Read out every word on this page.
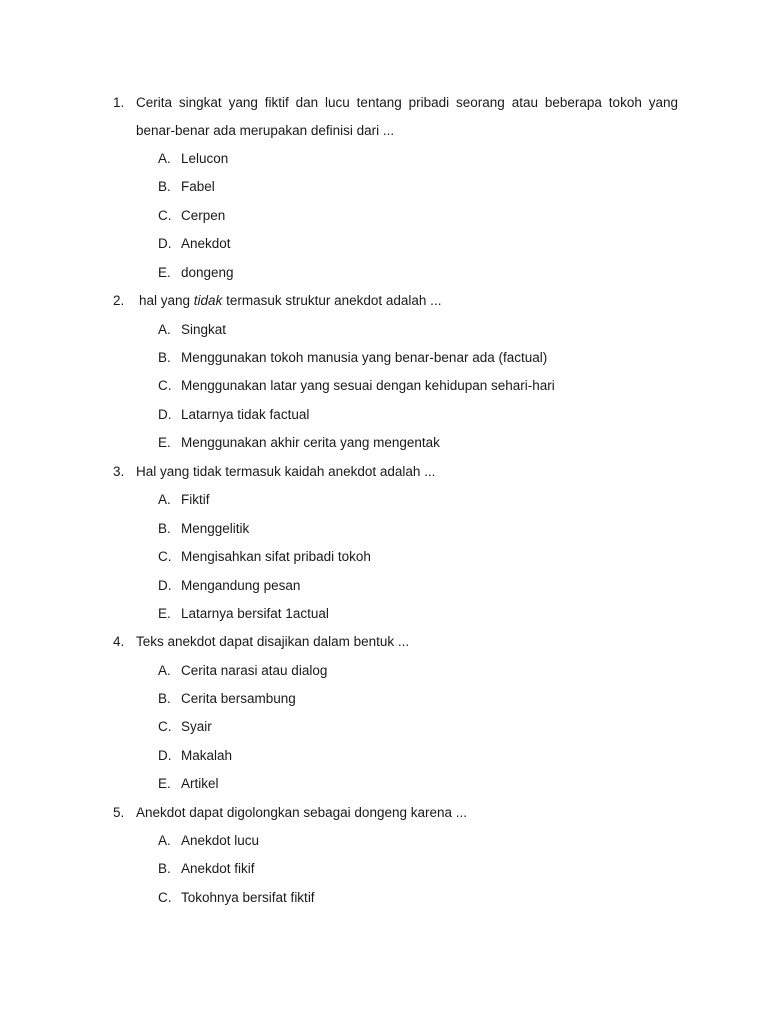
1. Cerita singkat yang fiktif dan lucu tentang pribadi seorang atau beberapa tokoh yang
benar-benar ada merupakan definisi dari ...
A. Lelucon
B. Fabel
C. Cerpen
D. Anekdot
E. dongeng
2. hal yang tidak termasuk struktur anekdot adalah ...
A. Singkat
B. Menggunakan tokoh manusia yang benar-benar ada (factual)
C. Menggunakan latar yang sesuai dengan kehidupan sehari-hari
D. Latarnya tidak factual
E. Menggunakan akhir cerita yang mengentak
3. Hal yang tidak termasuk kaidah anekdot adalah ...
A. Fiktif
B. Menggelitik
C. Mengisahkan sifat pribadi tokoh
D. Mengandung pesan
E. Latarnya bersifat 1actual
4. Teks anekdot dapat disajikan dalam bentuk ...
A. Cerita narasi atau dialog
B. Cerita bersambung
C. Syair
D. Makalah
E. Artikel
5. Anekdot dapat digolongkan sebagai dongeng karena ...
A. Anekdot lucu
B. Anekdot fikif
C. Tokohnya bersifat fiktif
